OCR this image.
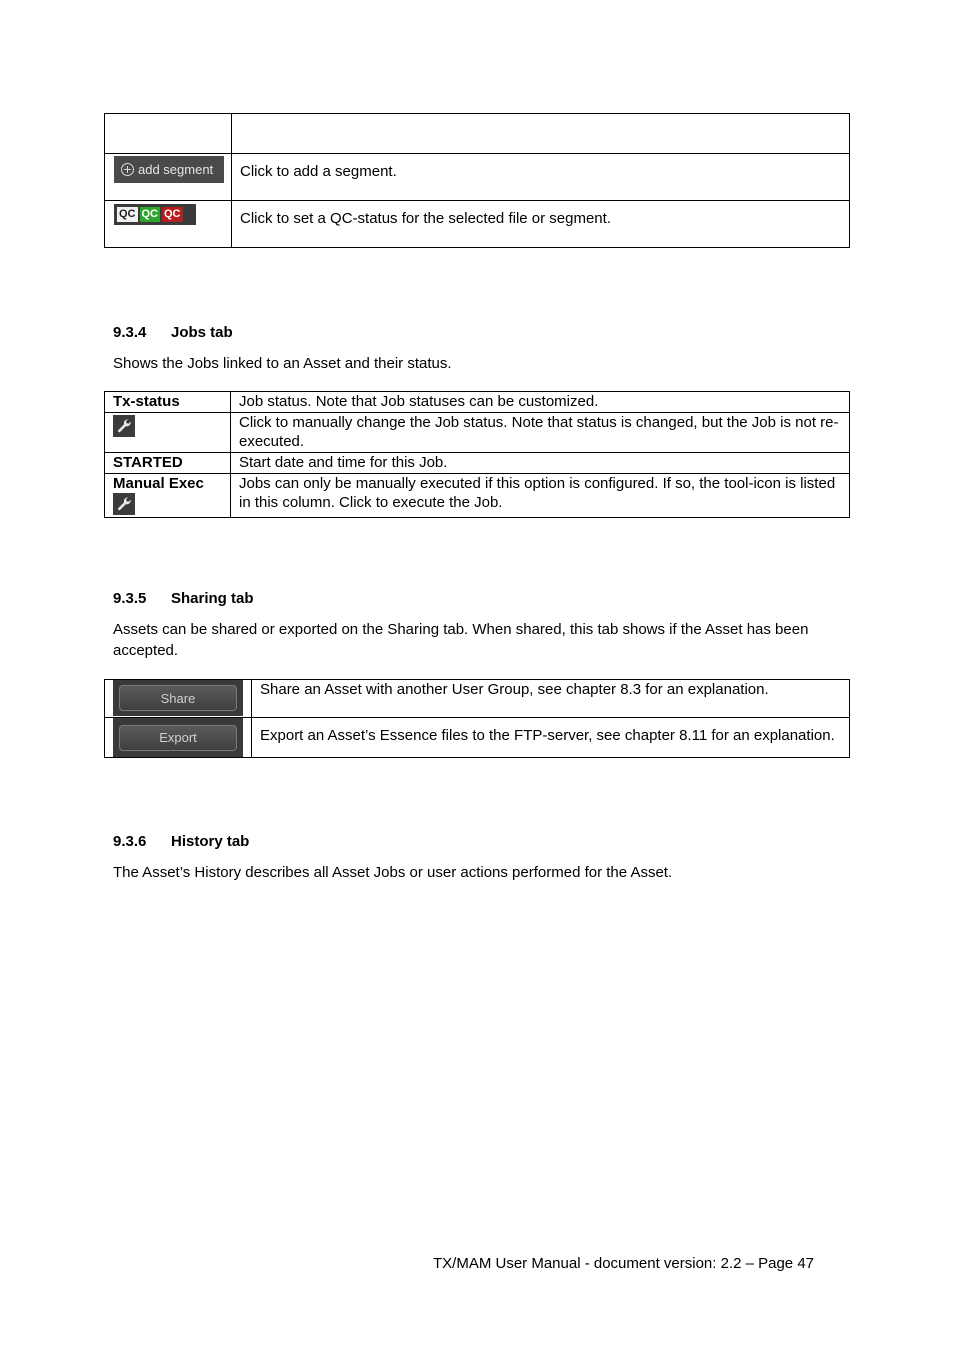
add segment	Click to add a segment.

QC QC QC	Click to set a QC-status for the selected file or segment.
9.3.4 Jobs tab
Shows the Jobs linked to an Asset and their status.
Tx-status	Job status. Note that Job statuses can be customized.

	Click to manually change the Job status. Note that status is changed, but the Job is not re-executed.
STARTED	Start date and time for this Job.

Manual Exec	Jobs can only be manually executed if this option is configured. If so, the tool-icon is listed in this column. Click to execute the Job.
9.3.5 Sharing tab
Assets can be shared or exported on the Sharing tab. When shared, this tab shows if the Asset has been accepted.
Share	Share an Asset with another User Group, see chapter 8.3 for an explanation.

Export	Export an Asset’s Essence files to the FTP-server, see chapter 8.11 for an explanation.
9.3.6 History tab
The Asset’s History describes all Asset Jobs or user actions performed for the Asset.
TX/MAM User Manual - document version: 2.2 – Page 47
